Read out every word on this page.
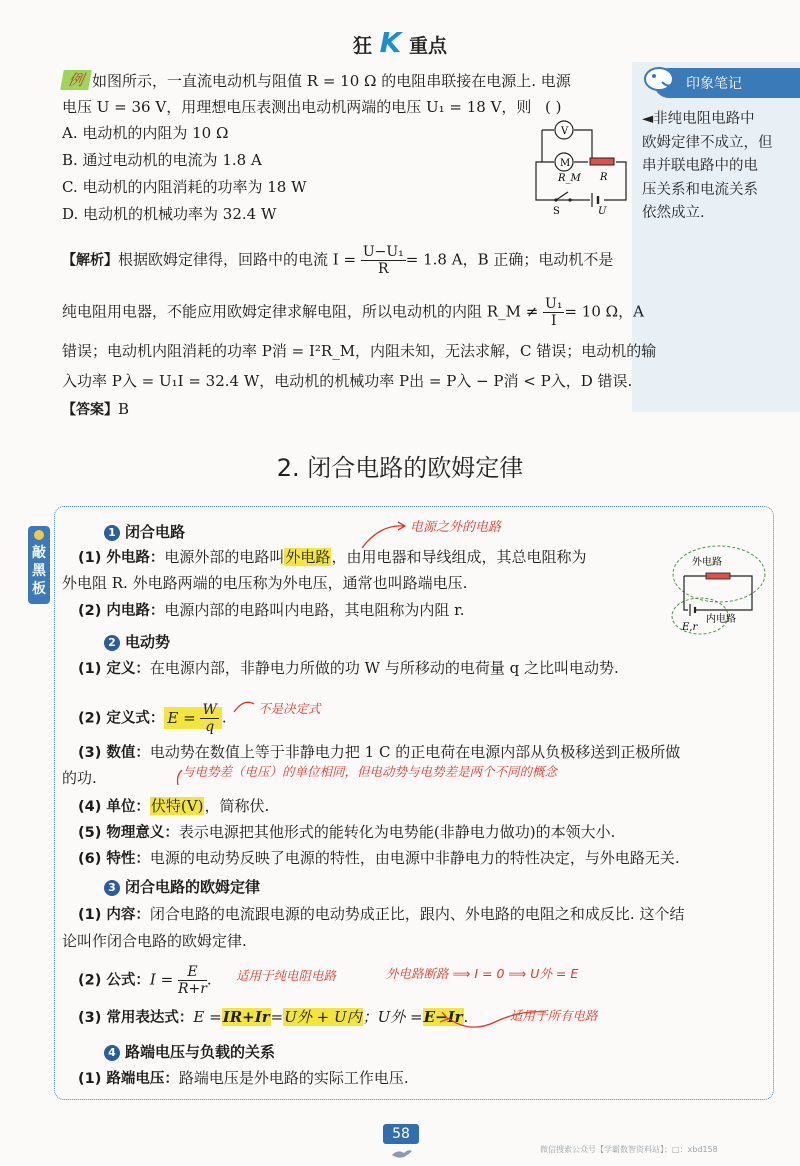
狂 K 重点
印象笔记
◄非纯电阻电路中
欧姆定律不成立，但
串并联电路中的电
压关系和电流关系
依然成立.
例 如图所示，一直流电动机与阻值 R = 10 Ω 的电阻串联接在电源上. 电源
电压 U = 36 V，用理想电压表测出电动机两端的电压 U₁ = 18 V，则 ( )
A. 电动机的内阻为 10 Ω
B. 通过电动机的电流为 1.8 A
C. 电动机的内阻消耗的功率为 18 W
D. 电动机的机械功率为 32.4 W
V
M
R_M R
S	U
【解析】根据欧姆定律得，回路中的电流 $I = \frac{\text{U−U₁}}{R} = 1.8$ A，B 正确；电动机不是
纯电阻用电器，不能应用欧姆定律求解电阻，所以电动机的内阻 R_M ≠ $\frac{\text{U₁}}{I} = 10$ Ω，A
错误；电动机内阻消耗的功率 P消 = I²R_M，内阻未知，无法求解，C 错误；电动机的输
入功率 P入 = U₁I = 32.4 W，电动机的机械功率 P出 = P入 − P消 < P入，D 错误.
【答案】B
2. 闭合电路的欧姆定律
敲黑板
1 闭合电路
(1) 外电路：电源外部的电路叫外电路，由用电器和导线组成，其总电阻称为
外电阻 R. 外电路两端的电压称为外电压，通常也叫路端电压.
(2) 内电路：电源内部的电路叫内电路，其电阻称为内阻 r.
外电路
内电路
E,r
2 电动势
(1) 定义：在电源内部，非静电力所做的功 W 与所移动的电荷量 q 之比叫电动势.
(2) 定义式： $E = \frac{W}{q}$ .
(3) 数值：电动势在数值上等于非静电力把 1 C 的正电荷在电源内部从负极移送到正极所做
的功.
(4) 单位：伏特(V)，简称伏.
(5) 物理意义：表示电源把其他形式的能转化为电势能(非静电力做功)的本领大小.
(6) 特性：电源的电动势反映了电源的特性，由电源中非静电力的特性决定，与外电路无关.
3 闭合电路的欧姆定律
(1) 内容：闭合电路的电流跟电源的电动势成正比，跟内、外电路的电阻之和成反比. 这个结
论叫作闭合电路的欧姆定律.
(2) 公式：$I = \frac{E}{R+r}$ .
(3) 常用表达式：E =IR+Ir=U外 + U内；U外 =E−Ir.
4 路端电压与负载的关系
(1) 路端电压：路端电压是外电路的实际工作电压.
电源之外的电路
不是决定式
与电势差（电压）的单位相同，但电动势与电势差是两个不同的概念
适用于纯电阻电路	外电路断路 ⟹ I = 0 ⟹ U外 = E
适用于所有电路
58
微信搜索公众号【学霸数智资料站】；□：xbd158
